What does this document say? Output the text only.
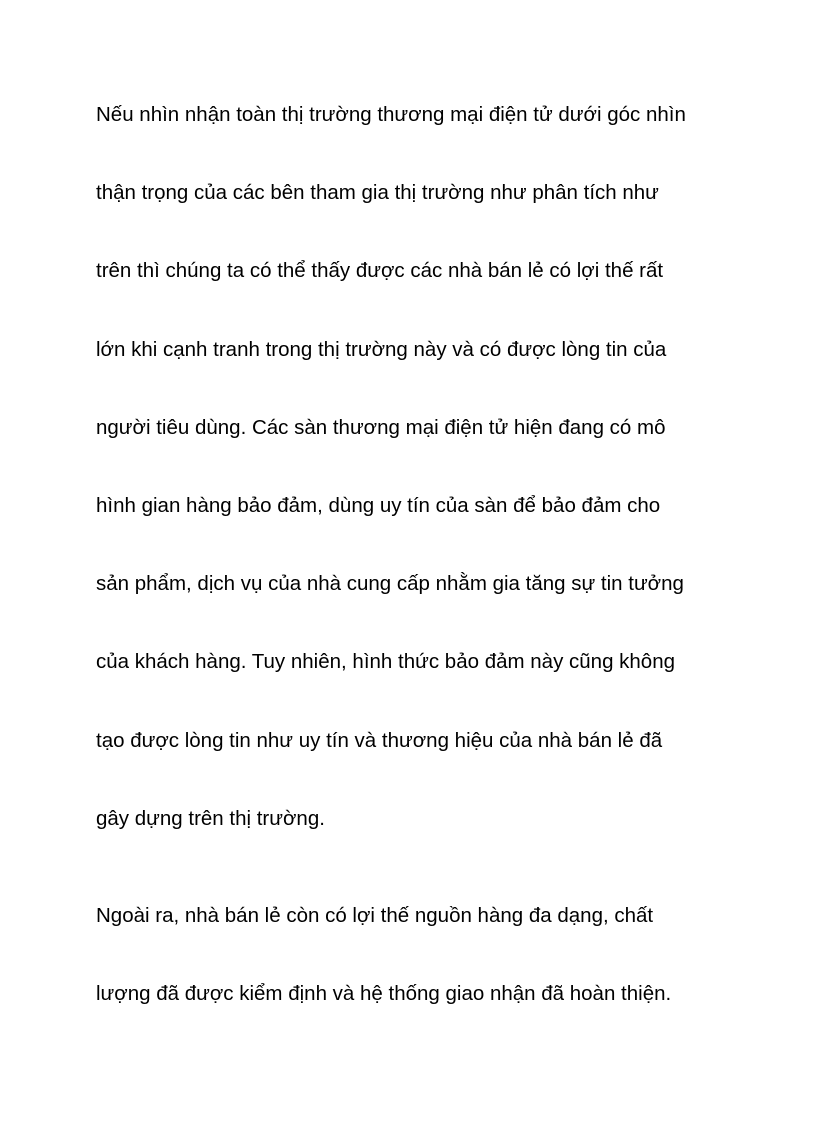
Nếu nhìn nhận toàn thị trường thương mại điện tử dưới góc nhìn

thận trọng của các bên tham gia thị trường như phân tích như

trên thì chúng ta có thể thấy được các nhà bán lẻ có lợi thế rất

lớn khi cạnh tranh trong thị trường này và có được lòng tin của

người tiêu dùng. Các sàn thương mại điện tử hiện đang có mô

hình gian hàng bảo đảm, dùng uy tín của sàn để bảo đảm cho

sản phẩm, dịch vụ của nhà cung cấp nhằm gia tăng sự tin tưởng

của khách hàng. Tuy nhiên, hình thức bảo đảm này cũng không

tạo được lòng tin như uy tín và thương hiệu của nhà bán lẻ đã

gây dựng trên thị trường.

Ngoài ra, nhà bán lẻ còn có lợi thế nguồn hàng đa dạng, chất

lượng đã được kiểm định và hệ thống giao nhận đã hoàn thiện.
